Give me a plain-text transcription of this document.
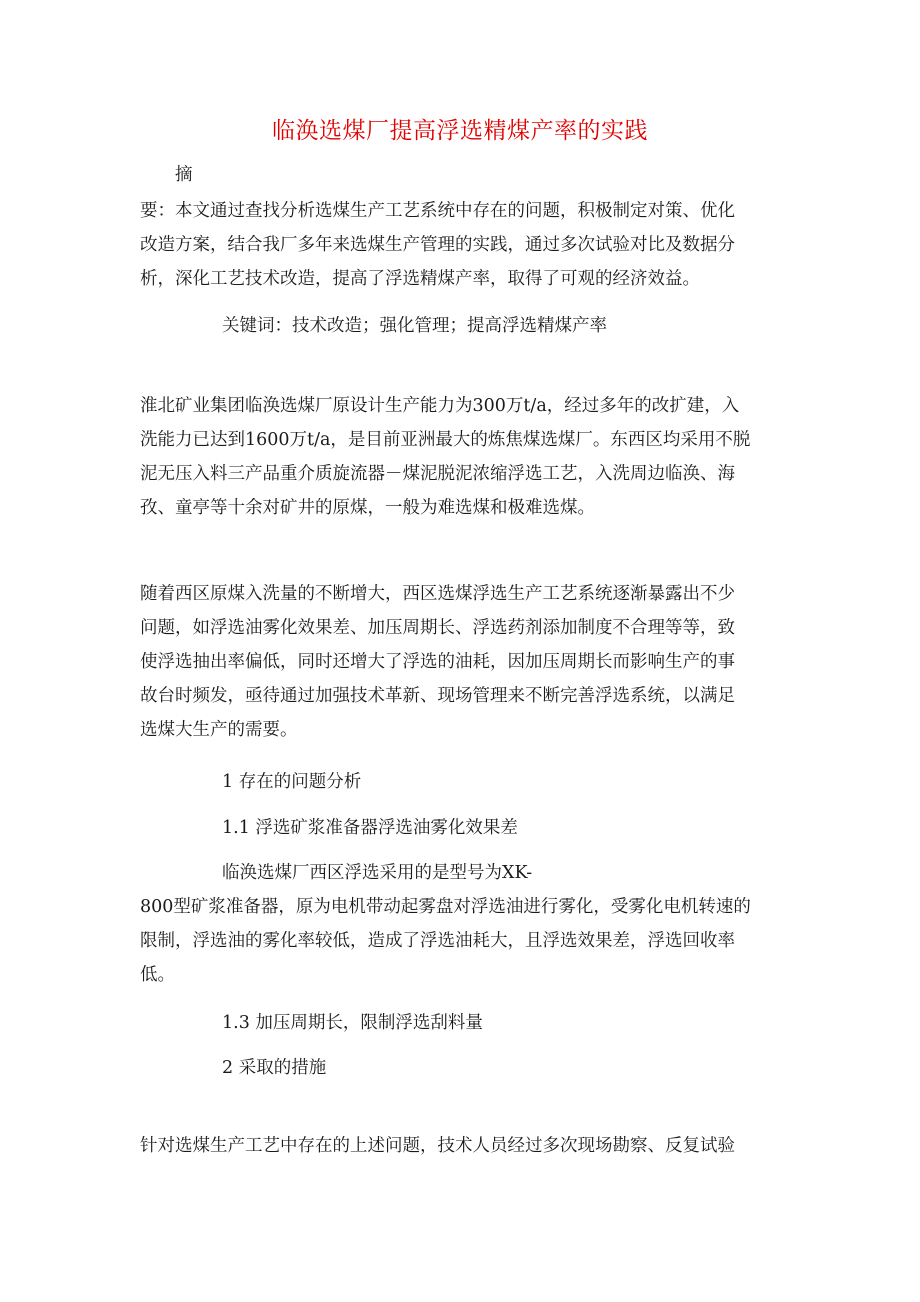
临涣选煤厂提高浮选精煤产率的实践
摘
要：本文通过查找分析选煤生产工艺系统中存在的问题，积极制定对策、优化
改造方案，结合我厂多年来选煤生产管理的实践，通过多次试验对比及数据分
析，深化工艺技术改造，提高了浮选精煤产率，取得了可观的经济效益。
关键词：技术改造；强化管理；提高浮选精煤产率
淮北矿业集团临涣选煤厂原设计生产能力为300万t/a，经过多年的改扩建，入
洗能力已达到1600万t/a，是目前亚洲最大的炼焦煤选煤厂。东西区均采用不脱
泥无压入料三产品重介质旋流器－煤泥脱泥浓缩浮选工艺，入洗周边临涣、海
孜、童亭等十余对矿井的原煤，一般为难选煤和极难选煤。
随着西区原煤入洗量的不断增大，西区选煤浮选生产工艺系统逐渐暴露出不少
问题，如浮选油雾化效果差、加压周期长、浮选药剂添加制度不合理等等，致
使浮选抽出率偏低，同时还增大了浮选的油耗，因加压周期长而影响生产的事
故台时频发，亟待通过加强技术革新、现场管理来不断完善浮选系统，以满足
选煤大生产的需要。
1 存在的问题分析
1.1 浮选矿浆准备器浮选油雾化效果差
临涣选煤厂西区浮选采用的是型号为XK-
800型矿浆准备器，原为电机带动起雾盘对浮选油进行雾化，受雾化电机转速的
限制，浮选油的雾化率较低，造成了浮选油耗大，且浮选效果差，浮选回收率
低。
1.3 加压周期长，限制浮选刮料量
2 采取的措施
针对选煤生产工艺中存在的上述问题，技术人员经过多次现场勘察、反复试验
